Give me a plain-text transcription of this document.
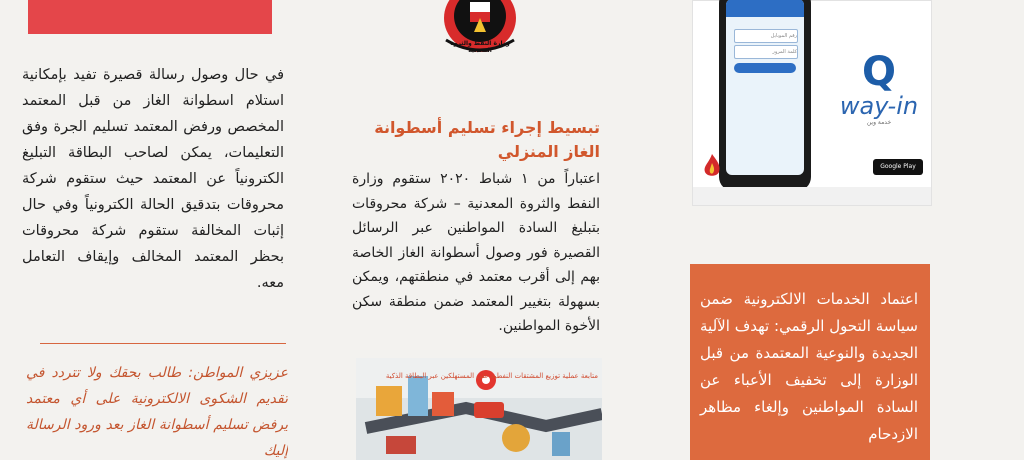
في حال وصول رسالة قصيرة تفيد بإمكانية استلام اسطوانة الغاز من قبل المعتمد المخصص ورفض المعتمد تسليم الجرة وفق التعليمات، يمكن لصاحب البطاقة التبليغ الكترونياً عن المعتمد حيث ستقوم شركة محروقات بتدقيق الحالة الكترونياً وفي حال إثبات المخالفة ستقوم شركة محروقات بحظر المعتمد المخالف وإيقاف التعامل معه.
عزيزي المواطن: طالب بحقك ولا تتردد في تقديم الشكوى الالكترونية على أي معتمد يرفض تسليم أسطوانة الغاز بعد ورود الرسالة إليك
وزارة النفط والثروة المعدنية
تبسيط إجراء تسليم أسطوانة الغاز المنزلي
اعتباراً من ١ شباط ٢٠٢٠ ستقوم وزارة النفط والثروة المعدنية – شركة محروقات بتبليغ السادة المواطنين عبر الرسائل القصيرة فور وصول أسطوانة الغاز الخاصة بهم إلى أقرب معتمد في منطقتهم، ويمكن بسهولة بتغيير المعتمد ضمن منطقة سكن الأخوة المواطنين.
متابعة عملية توزيع المشتقات النفطية على المستهلكين عبر البطاقة الذكية
رقم الموبايل
كلمة المرور	Q
way-in
خدمة وين
Google Play
اعتماد الخدمات الالكترونية ضمن سياسة التحول الرقمي: تهدف الآلية الجديدة والنوعية المعتمدة من قبل الوزارة إلى تخفيف الأعباء عن السادة المواطنين وإلغاء مظاهر الازدحام
